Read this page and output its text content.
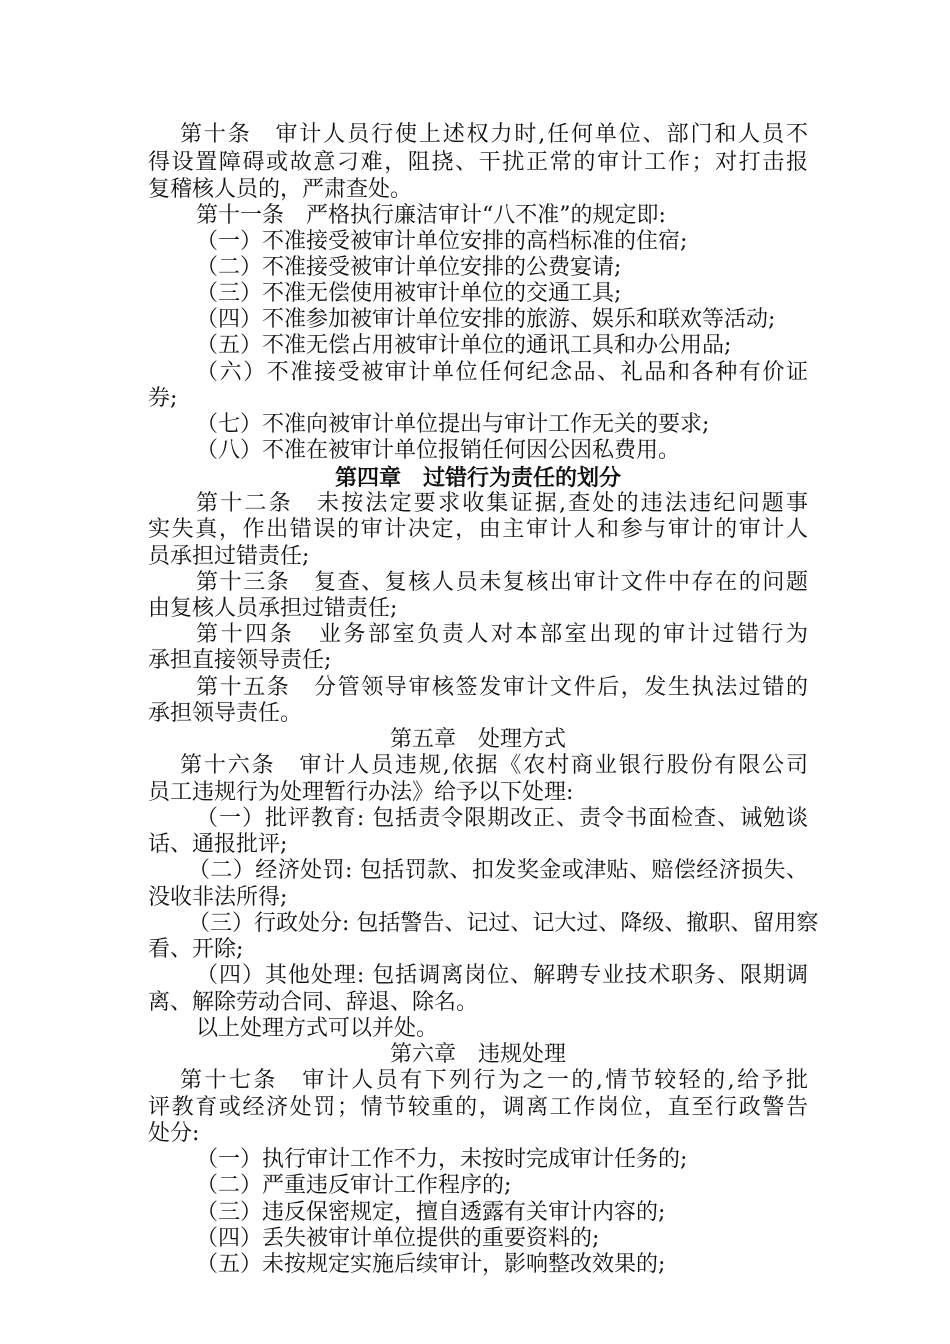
第十条　审计人员行使上述权力时,任何单位、部门和人员不
得设置障碍或故意刁难，阻挠、干扰正常的审计工作；对打击报
复稽核人员的，严肃查处。
第十一条　严格执行廉洁审计“八不准”的规定即:
（一）不准接受被审计单位安排的高档标准的住宿;
（二）不准接受被审计单位安排的公费宴请;
（三）不准无偿使用被审计单位的交通工具;
（四）不准参加被审计单位安排的旅游、娱乐和联欢等活动;
（五）不准无偿占用被审计单位的通讯工具和办公用品;
（六）不准接受被审计单位任何纪念品、礼品和各种有价证
券;
（七）不准向被审计单位提出与审计工作无关的要求;
（八）不准在被审计单位报销任何因公因私费用。
第四章　过错行为责任的划分
第十二条　未按法定要求收集证据,查处的违法违纪问题事
实失真，作出错误的审计决定，由主审计人和参与审计的审计人
员承担过错责任;
第十三条　复查、复核人员未复核出审计文件中存在的问题
由复核人员承担过错责任;
第十四条　业务部室负责人对本部室出现的审计过错行为
承担直接领导责任;
第十五条　分管领导审核签发审计文件后，发生执法过错的
承担领导责任。
第五章　处理方式
第十六条　审计人员违规,依据《农村商业银行股份有限公司
员工违规行为处理暂行办法》给予以下处理:
（一）批评教育: 包括责令限期改正、责令书面检查、诫勉谈
话、通报批评;
（二）经济处罚: 包括罚款、扣发奖金或津贴、赔偿经济损失、
没收非法所得;
（三）行政处分: 包括警告、记过、记大过、降级、撤职、留用察
看、开除;
（四）其他处理: 包括调离岗位、解聘专业技术职务、限期调
离、解除劳动合同、辞退、除名。
以上处理方式可以并处。
第六章　违规处理
第十七条　审计人员有下列行为之一的,情节较轻的,给予批
评教育或经济处罚；情节较重的，调离工作岗位，直至行政警告
处分:
（一）执行审计工作不力，未按时完成审计任务的;
（二）严重违反审计工作程序的;
（三）违反保密规定，擅自透露有关审计内容的;
（四）丢失被审计单位提供的重要资料的;
（五）未按规定实施后续审计，影响整改效果的;
